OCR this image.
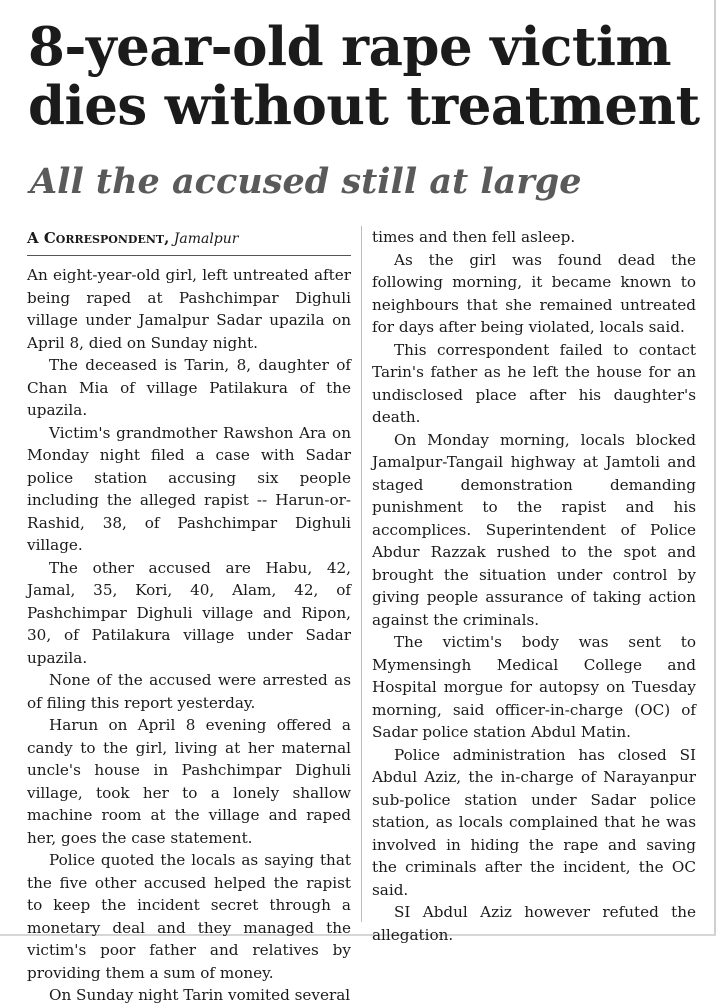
8-year-old rape victim dies without treatment
All the accused still at large
A Correspondent, Jamalpur

An eight-year-old girl, left untreated after being raped at Pashchimpar Dighuli village under Jamalpur Sadar upazila on April 8, died on Sunday night.

The deceased is Tarin, 8, daughter of Chan Mia of village Patilakura of the upazila.

Victim's grandmother Rawshon Ara on Monday night filed a case with Sadar police station accusing six people including the alleged rapist -- Harun-or-Rashid, 38, of Pashchimpar Dighuli village.

The other accused are Habu, 42, Jamal, 35, Kori, 40, Alam, 42, of Pashchimpar Dighuli village and Ripon, 30, of Patilakura village under Sadar upazila.

None of the accused were arrested as of filing this report yesterday.

Harun on April 8 evening offered a candy to the girl, living at her maternal uncle's house in Pashchimpar Dighuli village, took her to a lonely shallow machine room at the village and raped her, goes the case statement.

Police quoted the locals as saying that the five other accused helped the rapist to keep the incident secret through a monetary deal and they managed the victim's poor father and relatives by providing them a sum of money.

On Sunday night Tarin vomited several

times and then fell asleep.

As the girl was found dead the following morning, it became known to neighbours that she remained untreated for days after being violated, locals said.

This correspondent failed to contact Tarin's father as he left the house for an undisclosed place after his daughter's death.

On Monday morning, locals blocked Jamalpur-Tangail highway at Jamtoli and staged demonstration demanding punishment to the rapist and his accomplices. Superintendent of Police Abdur Razzak rushed to the spot and brought the situation under control by giving people assurance of taking action against the criminals.

The victim's body was sent to Mymensingh Medical College and Hospital morgue for autopsy on Tuesday morning, said officer-in-charge (OC) of Sadar police station Abdul Matin.

Police administration has closed SI Abdul Aziz, the in-charge of Narayanpur sub-police station under Sadar police station, as locals complained that he was involved in hiding the rape and saving the criminals after the incident, the OC said.

SI Abdul Aziz however refuted the allegation.
